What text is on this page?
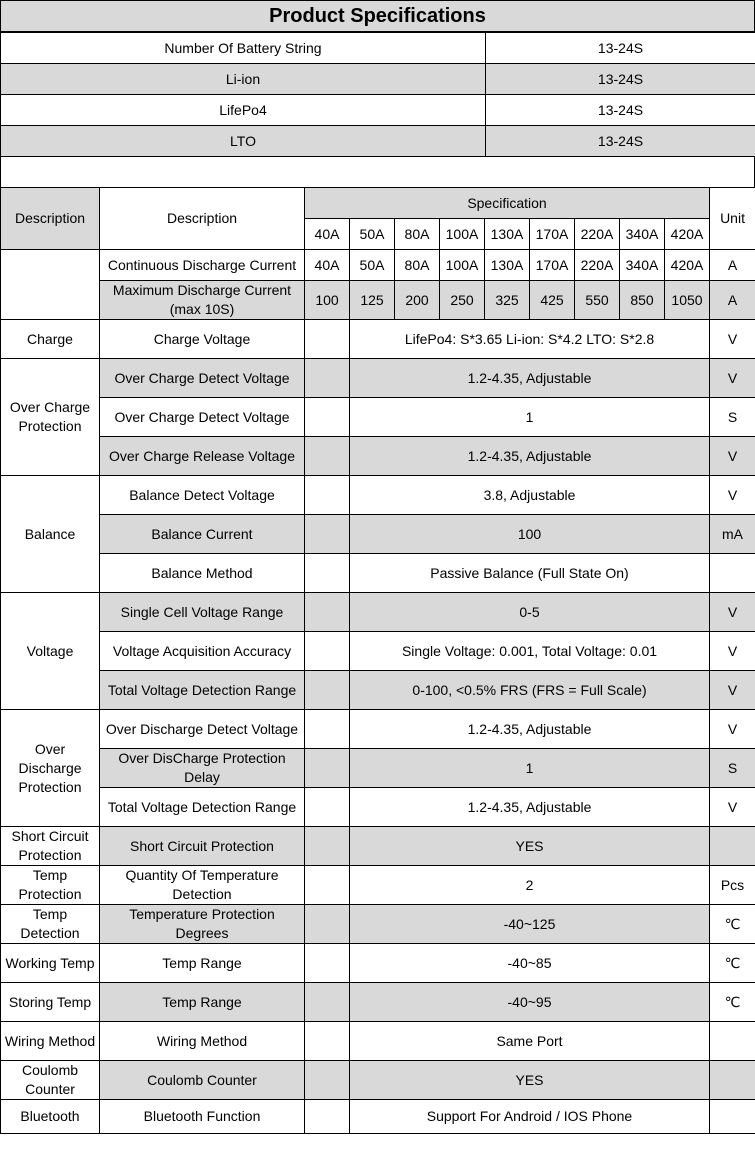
Product Specifications
Number Of Battery String	13-24S
Li-ion	13-24S
LifePo4	13-24S
LTO	13-24S
Description	Description	Specification									Unit
		40A	50A	80A	100A	130A	170A	220A	340A	420A	
	Continuous Discharge Current	40A	50A	80A	100A	130A	170A	220A	340A	420A	A
	Maximum Discharge Current (max 10S)	100	125	200	250	325	425	550	850	1050	A
Charge	Charge Voltage		LifePo4: S*3.65 Li-ion: S*4.2 LTO: S*2.8								V
Over Charge Protection	Over Charge Detect Voltage		1.2-4.35, Adjustable								V
	Over Charge Detect Voltage		1								S
	Over Charge Release Voltage		1.2-4.35, Adjustable								V
Balance	Balance Detect Voltage		3.8, Adjustable								V
	Balance Current		100								mA
	Balance Method		Passive Balance (Full State On)								
Voltage	Single Cell Voltage Range		0-5								V
	Voltage Acquisition Accuracy		Single Voltage: 0.001, Total Voltage: 0.01								V
	Total Voltage Detection Range		0-100, <0.5% FRS (FRS = Full Scale)								V
Over Discharge Protection	Over Discharge Detect Voltage		1.2-4.35, Adjustable								V
	Over DisCharge Protection Delay		1								S
	Total Voltage Detection Range		1.2-4.35, Adjustable								V
Short Circuit Protection	Short Circuit Protection		YES								
Temp Protection	Quantity Of Temperature Detection		2								Pcs
Temp Detection	Temperature Protection Degrees		-40~125								℃
Working Temp	Temp Range		-40~85								℃
Storing Temp	Temp Range		-40~95								℃
Wiring Method	Wiring Method		Same Port								
Coulomb Counter	Coulomb Counter		YES								
Bluetooth	Bluetooth Function		Support For Android / IOS Phone								
